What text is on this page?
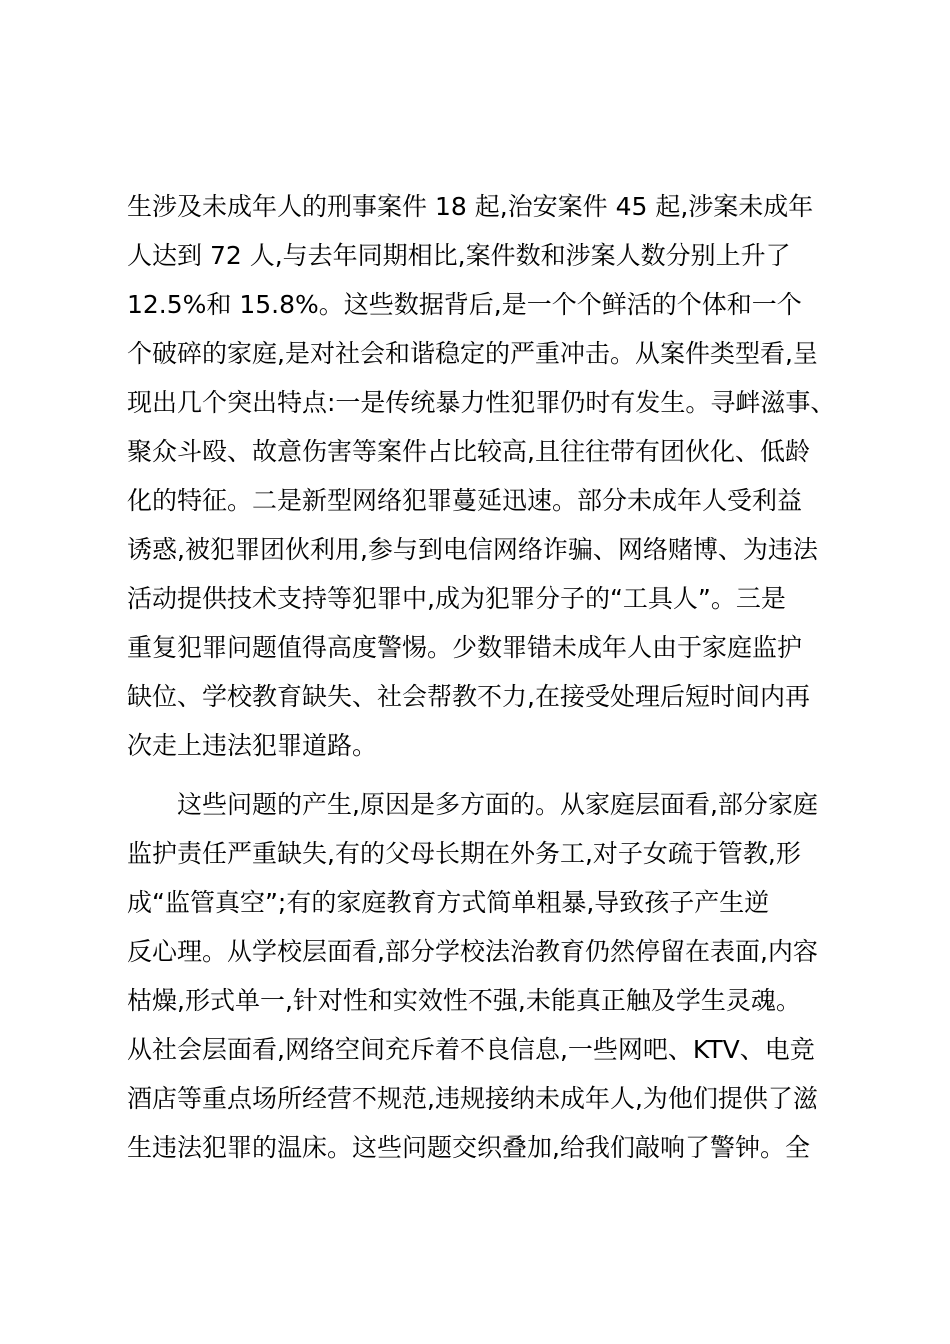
生涉及未成年人的刑事案件 18 起,治安案件 45 起,涉案未成年
人达到 72 人,与去年同期相比,案件数和涉案人数分别上升了
12.5%和 15.8%。这些数据背后,是一个个鲜活的个体和一个
个破碎的家庭,是对社会和谐稳定的严重冲击。从案件类型看,呈
现出几个突出特点:一是传统暴力性犯罪仍时有发生。寻衅滋事、
聚众斗殴、故意伤害等案件占比较高,且往往带有团伙化、低龄
化的特征。二是新型网络犯罪蔓延迅速。部分未成年人受利益
诱惑,被犯罪团伙利用,参与到电信网络诈骗、网络赌博、为违法
活动提供技术支持等犯罪中,成为犯罪分子的“工具人”。三是
重复犯罪问题值得高度警惕。少数罪错未成年人由于家庭监护
缺位、学校教育缺失、社会帮教不力,在接受处理后短时间内再
次走上违法犯罪道路。
这些问题的产生,原因是多方面的。从家庭层面看,部分家庭
监护责任严重缺失,有的父母长期在外务工,对子女疏于管教,形
成“监管真空”;有的家庭教育方式简单粗暴,导致孩子产生逆
反心理。从学校层面看,部分学校法治教育仍然停留在表面,内容
枯燥,形式单一,针对性和实效性不强,未能真正触及学生灵魂。
从社会层面看,网络空间充斥着不良信息,一些网吧、KTV、电竞
酒店等重点场所经营不规范,违规接纳未成年人,为他们提供了滋
生违法犯罪的温床。这些问题交织叠加,给我们敲响了警钟。全
